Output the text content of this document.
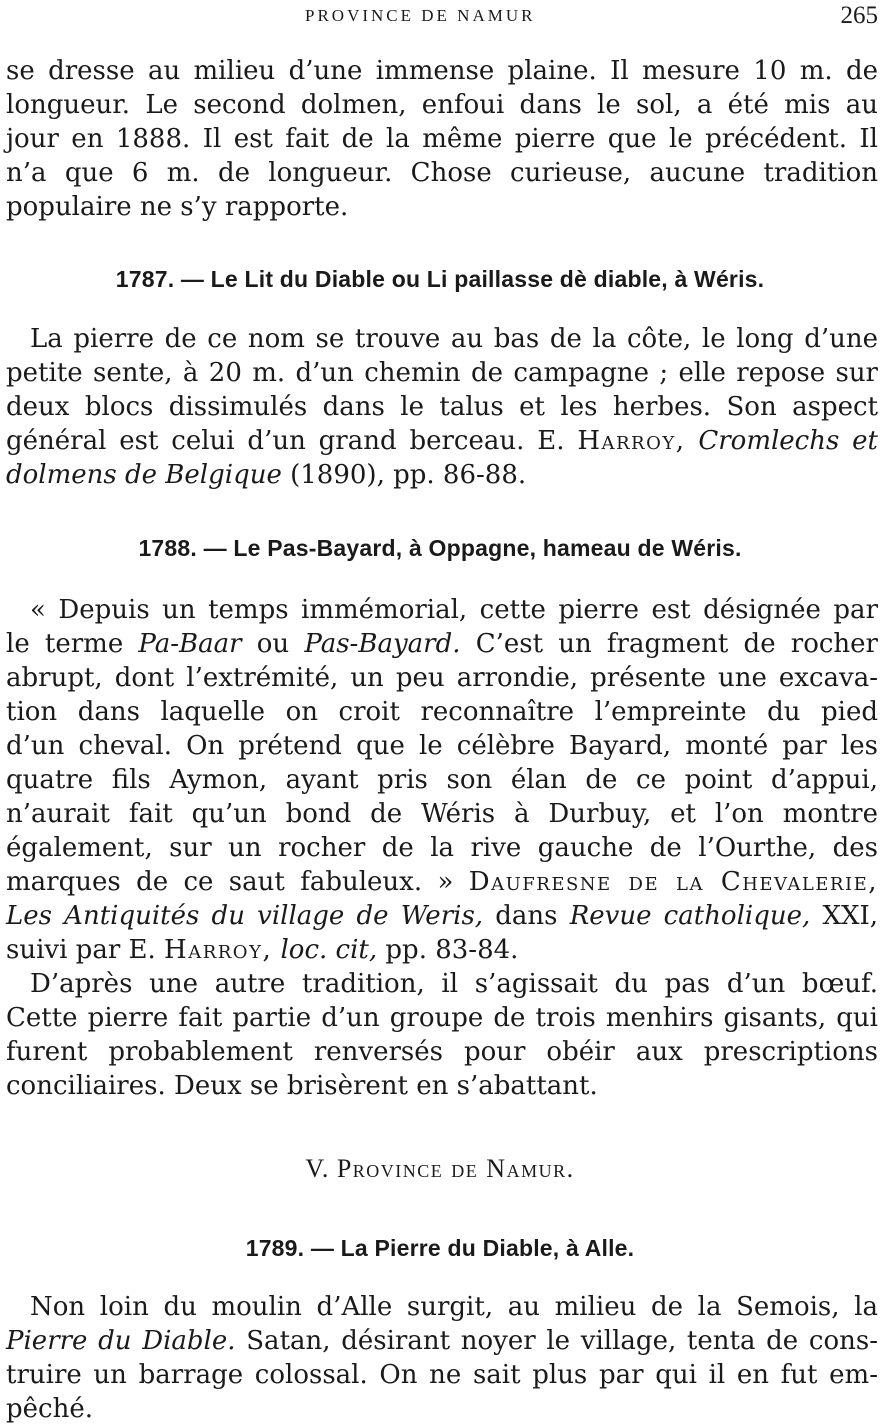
PROVINCE DE NAMUR	265
se dresse au milieu d’une immense plaine. Il mesure 10 m. de
longueur. Le second dolmen, enfoui dans le sol, a été mis au
jour en 1888. Il est fait de la même pierre que le précédent. Il
n’a que 6 m. de longueur. Chose curieuse, aucune tradition
populaire ne s’y rapporte.
1787. — Le Lit du Diable ou Li paillasse dè diable, à Wéris.
La pierre de ce nom se trouve au bas de la côte, le long d’une
petite sente, à 20 m. d’un chemin de campagne ; elle repose sur
deux blocs dissimulés dans le talus et les herbes. Son aspect
général est celui d’un grand berceau. E. Harroy, Cromlechs et
dolmens de Belgique (1890), pp. 86-88.
1788. — Le Pas-Bayard, à Oppagne, hameau de Wéris.
« Depuis un temps immémorial, cette pierre est désignée par
le terme Pa-Baar ou Pas-Bayard. C’est un fragment de rocher
abrupt, dont l’extrémité, un peu arrondie, présente une excava-
tion dans laquelle on croit reconnaître l’empreinte du pied
d’un cheval. On prétend que le célèbre Bayard, monté par les
quatre fils Aymon, ayant pris son élan de ce point d’appui,
n’aurait fait qu’un bond de Wéris à Durbuy, et l’on montre
également, sur un rocher de la rive gauche de l’Ourthe, des
marques de ce saut fabuleux. » Daufresne de la Chevalerie,
Les Antiquités du village de Weris, dans Revue catholique, XXI,
suivi par E. Harroy, loc. cit, pp. 83-84.
D’après une autre tradition, il s’agissait du pas d’un bœuf.
Cette pierre fait partie d’un groupe de trois menhirs gisants, qui
furent probablement renversés pour obéir aux prescriptions
conciliaires. Deux se brisèrent en s’abattant.
V. Province de Namur.
1789. — La Pierre du Diable, à Alle.
Non loin du moulin d’Alle surgit, au milieu de la Semois, la
Pierre du Diable. Satan, désirant noyer le village, tenta de cons-
truire un barrage colossal. On ne sait plus par qui il en fut em-
pêché.
